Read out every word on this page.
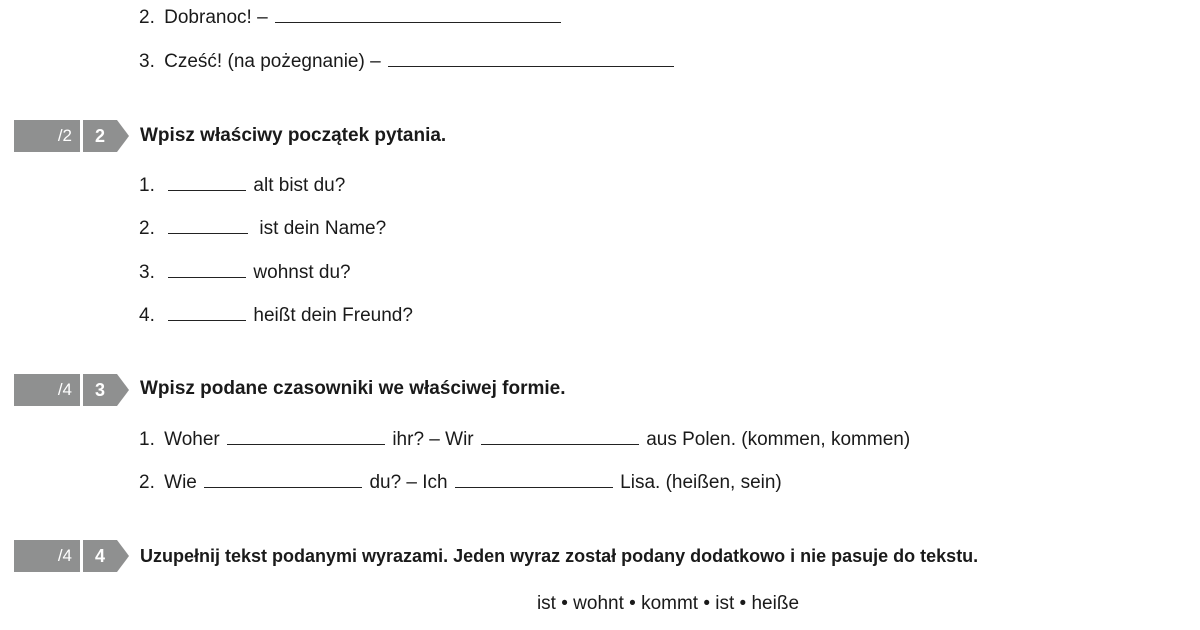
2. Dobranoc! –
3. Cześć! (na pożegnanie) –
/2	2	Wpisz właściwy początek pytania.
1.	alt bist du?
2.	ist dein Name?
3.	wohnst du?
4.	heißt dein Freund?
/4	3	Wpisz podane czasowniki we właściwej formie.
1. Woher	ihr? – Wir	aus Polen. (kommen, kommen)
2. Wie	du? – Ich	Lisa. (heißen, sein)
/4	4	Uzupełnij tekst podanymi wyrazami. Jeden wyraz został podany dodatkowo i nie pasuje do tekstu.
ist • wohnt • kommt • ist • heiße
